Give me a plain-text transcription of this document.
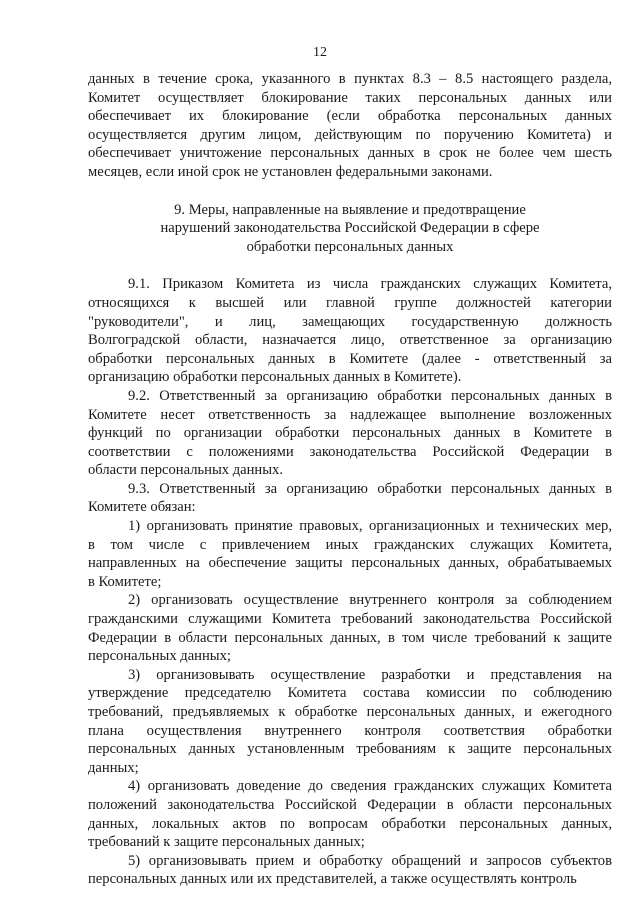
12

данных в течение срока, указанного в пунктах 8.3 – 8.5 настоящего раздела,

Комитет осуществляет блокирование таких персональных данных или

обеспечивает их блокирование (если обработка персональных данных

осуществляется другим лицом, действующим по поручению Комитета) и

обеспечивает уничтожение персональных данных в срок не более чем шесть

месяцев, если иной срок не установлен федеральными законами.

9. Меры, направленные на выявление и предотвращение
нарушений законодательства Российской Федерации в сфере
обработки персональных данных

9.1. Приказом Комитета из числа гражданских служащих Комитета,

относящихся к высшей или главной группе должностей категории

"руководители", и лиц, замещающих государственную должность

Волгоградской области, назначается лицо, ответственное за организацию

обработки персональных данных в Комитете (далее - ответственный за

организацию обработки персональных данных в Комитете).

9.2. Ответственный за организацию обработки персональных данных в

Комитете несет ответственность за надлежащее выполнение возложенных

функций по организации обработки персональных данных в Комитете в

соответствии с положениями законодательства Российской Федерации в

области персональных данных.

9.3. Ответственный за организацию обработки персональных данных в

Комитете обязан:

1) организовать принятие правовых, организационных и технических мер,

в том числе с привлечением иных гражданских служащих Комитета,

направленных на обеспечение защиты персональных данных, обрабатываемых

в Комитете;

2) организовать осуществление внутреннего контроля за соблюдением

гражданскими служащими Комитета требований законодательства Российской

Федерации в области персональных данных, в том числе требований к защите

персональных данных;

3) организовывать осуществление разработки и представления на

утверждение председателю Комитета состава комиссии по соблюдению

требований, предъявляемых к обработке персональных данных, и ежегодного

плана осуществления внутреннего контроля соответствия обработки

персональных данных установленным требованиям к защите персональных

данных;

4) организовать доведение до сведения гражданских служащих Комитета

положений законодательства Российской Федерации в области персональных

данных, локальных актов по вопросам обработки персональных данных,

требований к защите персональных данных;

5) организовывать прием и обработку обращений и запросов субъектов

персональных данных или их представителей, а также осуществлять контроль
